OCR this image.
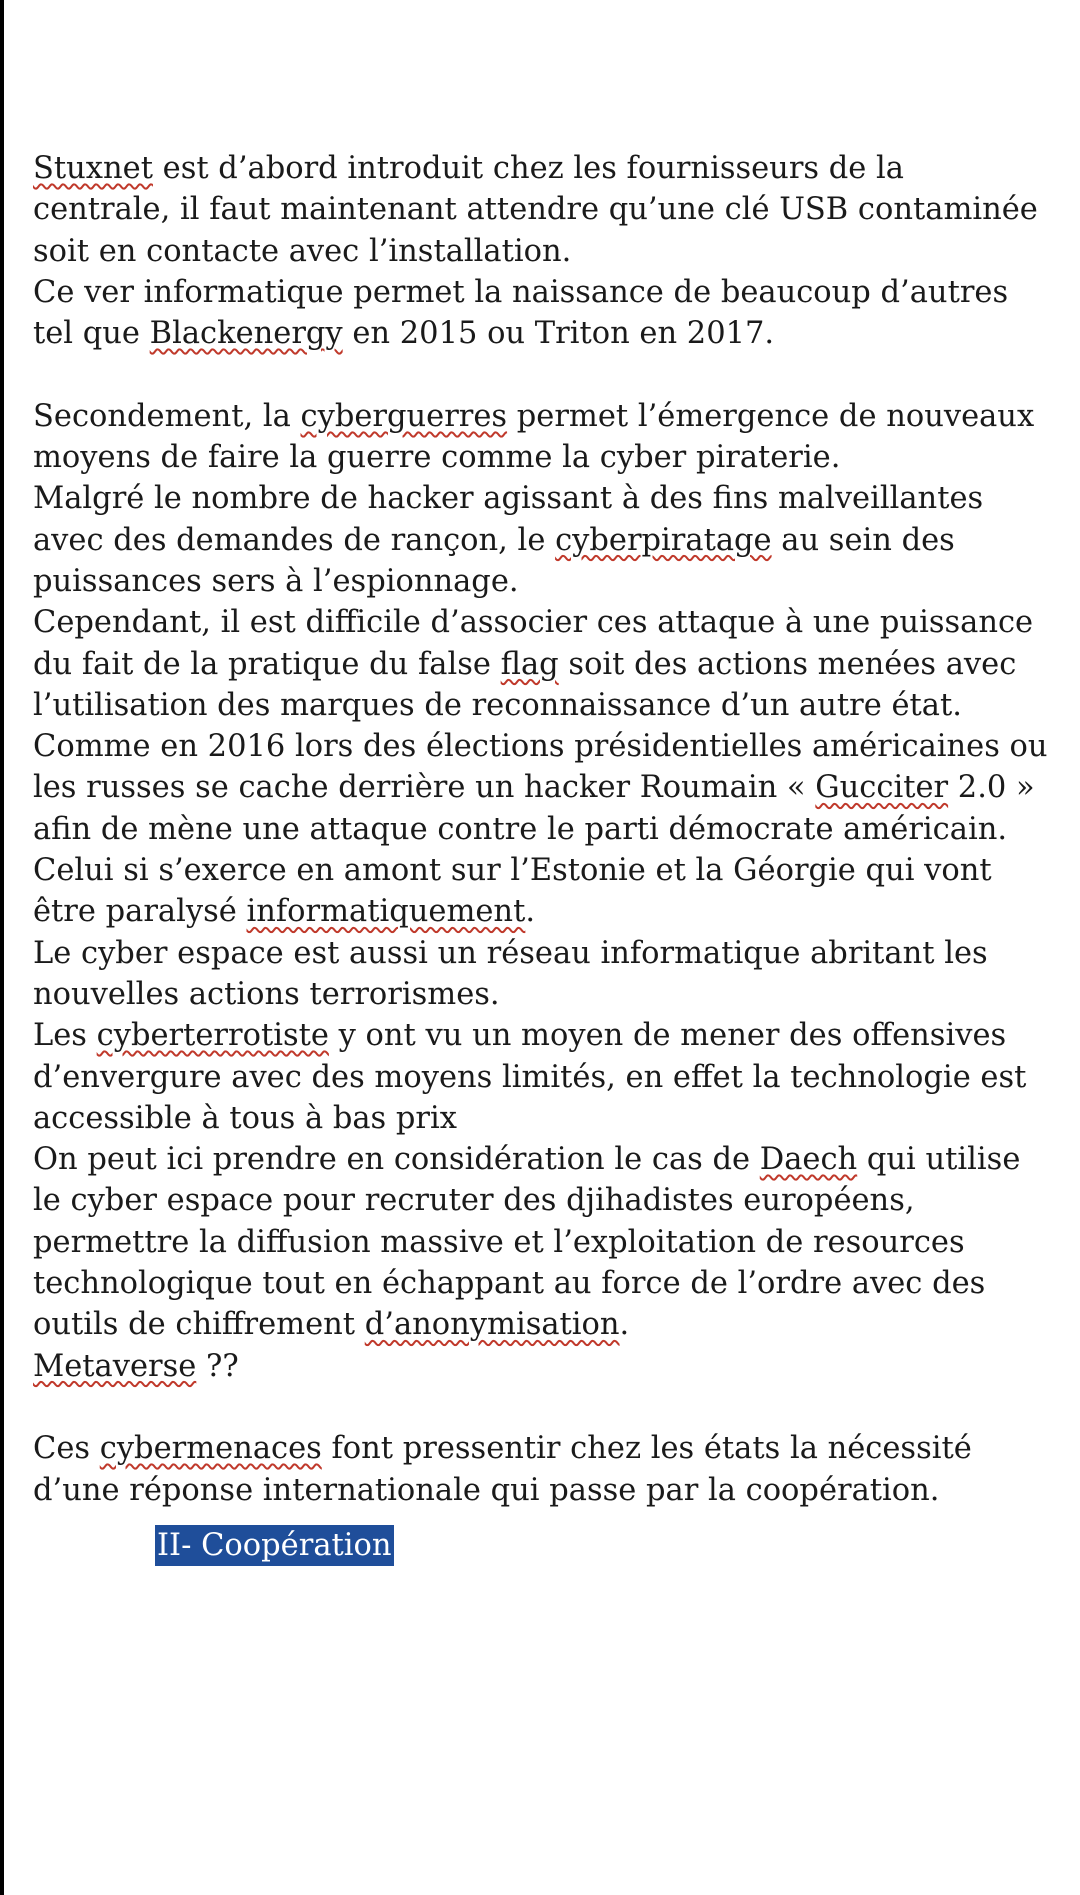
Stuxnet est d’abord introduit chez les fournisseurs de la
centrale, il faut maintenant attendre qu’une clé USB contaminée
soit en contacte avec l’installation.
Ce ver informatique permet la naissance de beaucoup d’autres
tel que Blackenergy en 2015 ou Triton en 2017.
Secondement, la cyberguerres permet l’émergence de nouveaux
moyens de faire la guerre comme la cyber piraterie.
Malgré le nombre de hacker agissant à des fins malveillantes
avec des demandes de rançon, le cyberpiratage au sein des
puissances sers à l’espionnage.
Cependant, il est difficile d’associer ces attaque à une puissance
du fait de la pratique du false flag soit des actions menées avec
l’utilisation des marques de reconnaissance d’un autre état.
Comme en 2016 lors des élections présidentielles américaines ou
les russes se cache derrière un hacker Roumain « Gucciter 2.0 »
afin de mène une attaque contre le parti démocrate américain.
Celui si s’exerce en amont sur l’Estonie et la Géorgie qui vont
être paralysé informatiquement.
Le cyber espace est aussi un réseau informatique abritant les
nouvelles actions terrorismes.
Les cyberterrotiste y ont vu un moyen de mener des offensives
d’envergure avec des moyens limités, en effet la technologie est
accessible à tous à bas prix
On peut ici prendre en considération le cas de Daech qui utilise
le cyber espace pour recruter des djihadistes européens,
permettre la diffusion massive et l’exploitation de resources
technologique tout en échappant au force de l’ordre avec des
outils de chiffrement d’anonymisation.
Metaverse ??
Ces cybermenaces font pressentir chez les états la nécessité
d’une réponse internationale qui passe par la coopération.
II- Coopération
